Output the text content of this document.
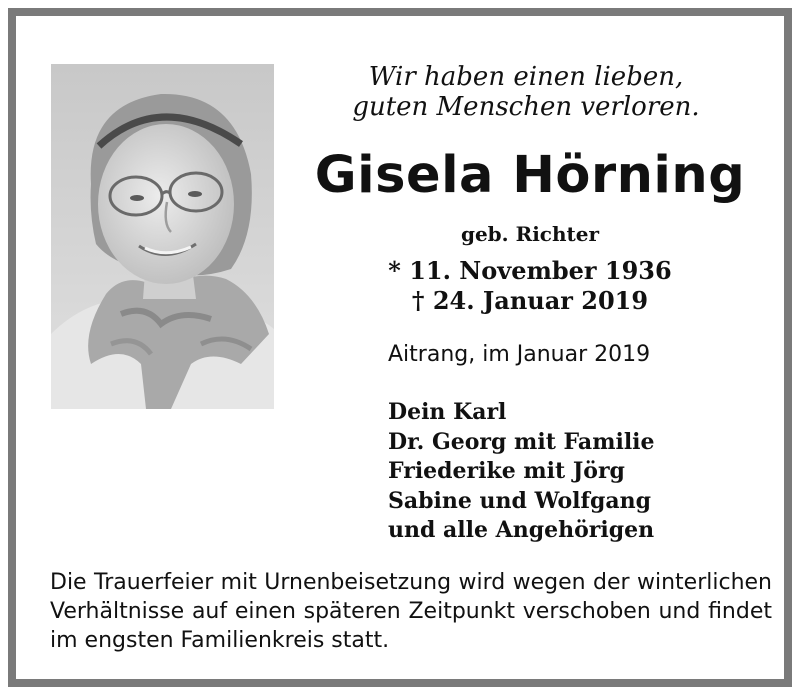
Wir haben einen lieben,
guten Menschen verloren.
Gisela Hörning
geb. Richter
* 11. November 1936
† 24. Januar 2019
Aitrang, im Januar 2019
Dein Karl
Dr. Georg mit Familie
Friederike mit Jörg
Sabine und Wolfgang
und alle Angehörigen

Die Trauerfeier mit Urnenbeisetzung wird wegen der winterlichen Verhältnisse auf einen späteren Zeitpunkt verschoben und findet im engsten Familienkreis statt.
